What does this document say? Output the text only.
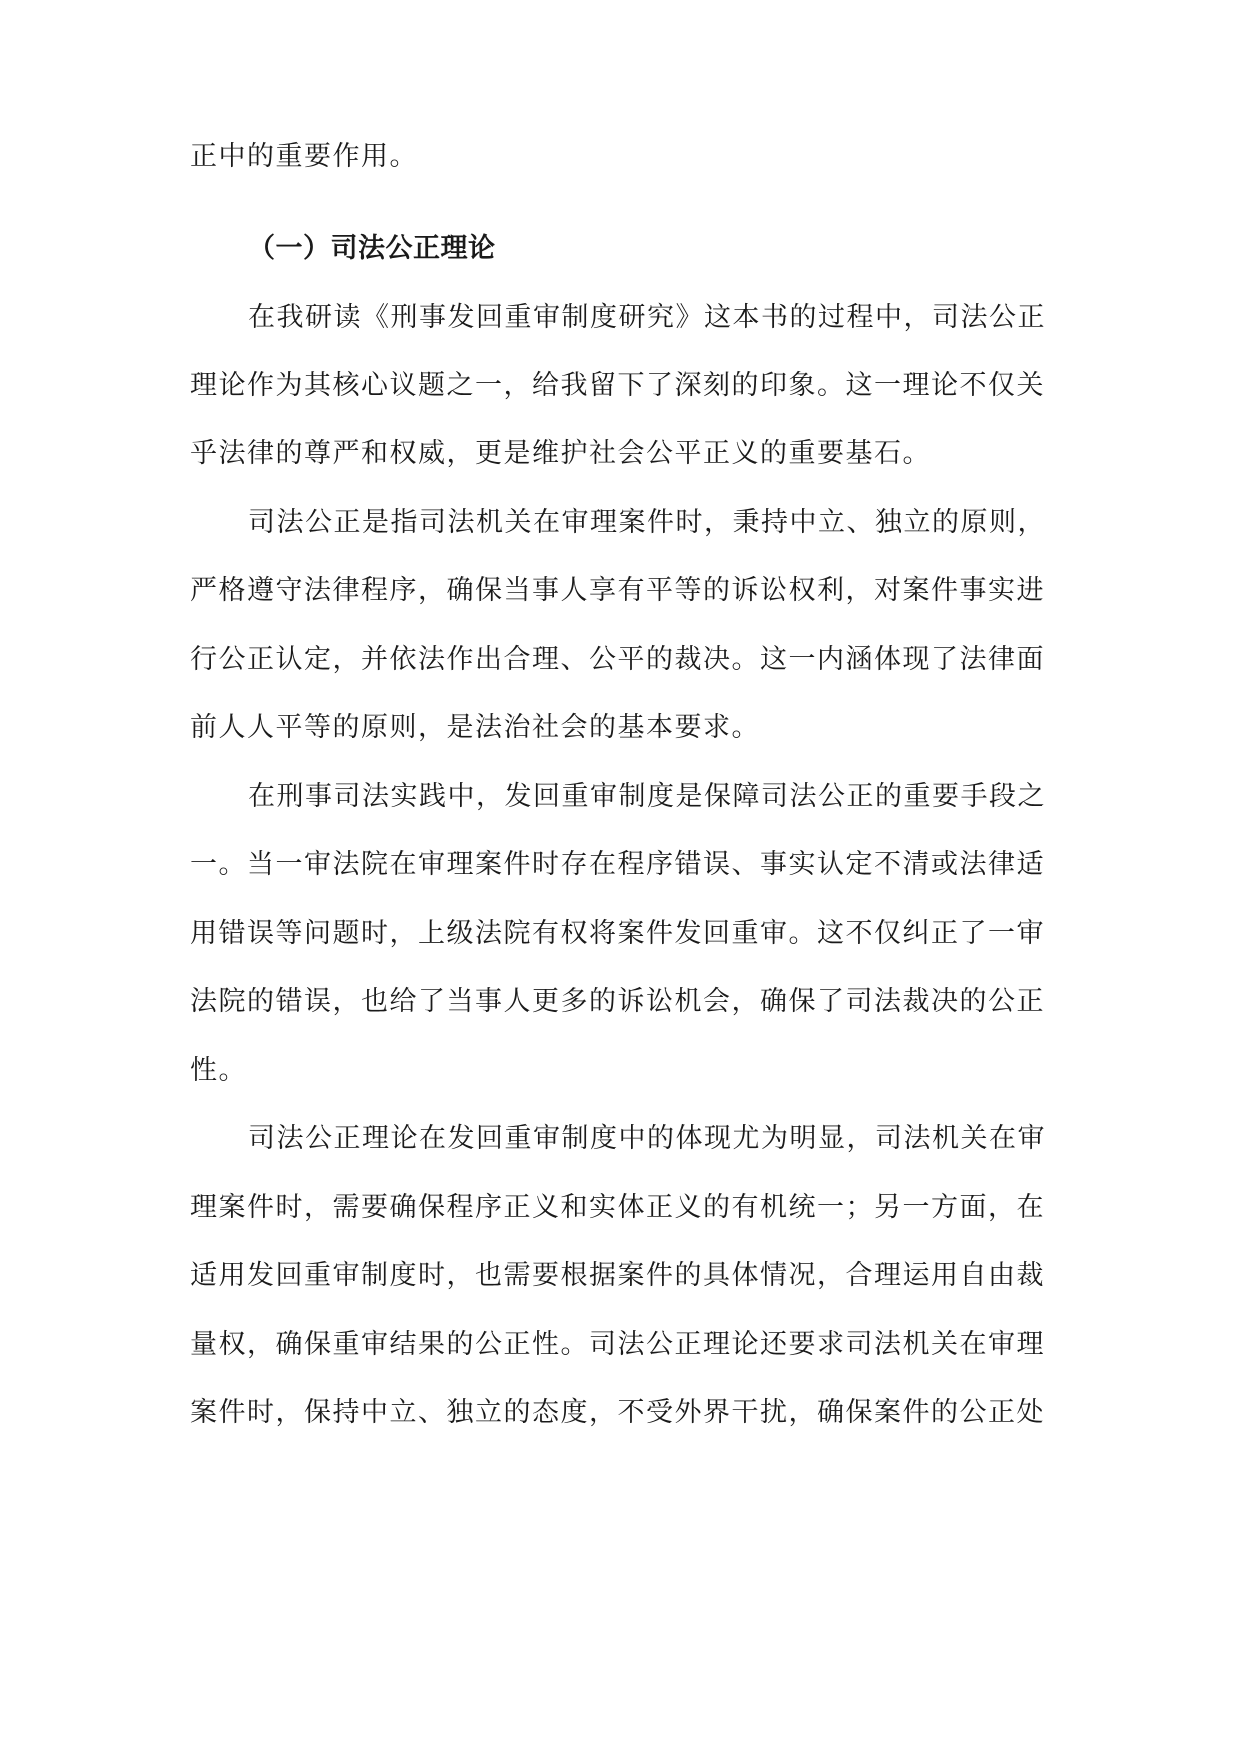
正中的重要作用。
（一）司法公正理论
在我研读《刑事发回重审制度研究》这本书的过程中，司法公正
理论作为其核心议题之一，给我留下了深刻的印象。这一理论不仅关
乎法律的尊严和权威，更是维护社会公平正义的重要基石。
司法公正是指司法机关在审理案件时，秉持中立、独立的原则，
严格遵守法律程序，确保当事人享有平等的诉讼权利，对案件事实进
行公正认定，并依法作出合理、公平的裁决。这一内涵体现了法律面
前人人平等的原则，是法治社会的基本要求。
在刑事司法实践中，发回重审制度是保障司法公正的重要手段之
一。当一审法院在审理案件时存在程序错误、事实认定不清或法律适
用错误等问题时，上级法院有权将案件发回重审。这不仅纠正了一审
法院的错误，也给了当事人更多的诉讼机会，确保了司法裁决的公正
性。
司法公正理论在发回重审制度中的体现尤为明显，司法机关在审
理案件时，需要确保程序正义和实体正义的有机统一；另一方面，在
适用发回重审制度时，也需要根据案件的具体情况，合理运用自由裁
量权，确保重审结果的公正性。司法公正理论还要求司法机关在审理
案件时，保持中立、独立的态度，不受外界干扰，确保案件的公正处
